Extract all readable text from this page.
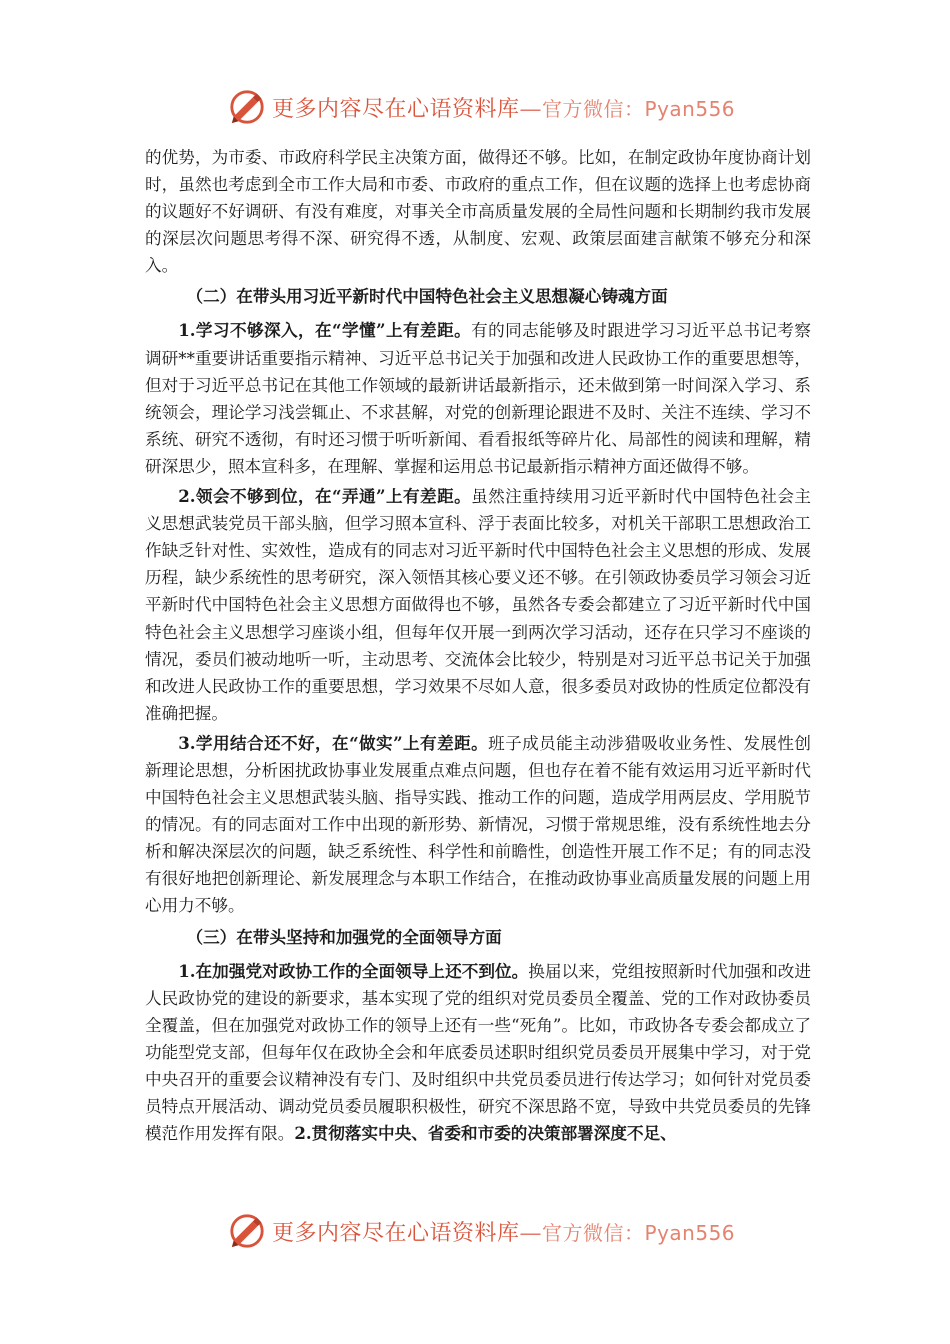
更多内容尽在心语资料库—官方微信：Pyan556

的优势，为市委、市政府科学民主决策方面，做得还不够。比如，在制定政协年度协商计划时，虽然也考虑到全市工作大局和市委、市政府的重点工作，但在议题的选择上也考虑协商的议题好不好调研、有没有难度，对事关全市高质量发展的全局性问题和长期制约我市发展的深层次问题思考得不深、研究得不透，从制度、宏观、政策层面建言献策不够充分和深入。

（二）在带头用习近平新时代中国特色社会主义思想凝心铸魂方面

1.学习不够深入，在“学懂”上有差距。有的同志能够及时跟进学习习近平总书记考察调研**重要讲话重要指示精神、习近平总书记关于加强和改进人民政协工作的重要思想等，但对于习近平总书记在其他工作领域的最新讲话最新指示，还未做到第一时间深入学习、系统领会，理论学习浅尝辄止、不求甚解，对党的创新理论跟进不及时、关注不连续、学习不系统、研究不透彻，有时还习惯于听听新闻、看看报纸等碎片化、局部性的阅读和理解，精研深思少，照本宣科多，在理解、掌握和运用总书记最新指示精神方面还做得不够。

2.领会不够到位，在“弄通”上有差距。虽然注重持续用习近平新时代中国特色社会主义思想武装党员干部头脑，但学习照本宣科、浮于表面比较多，对机关干部职工思想政治工作缺乏针对性、实效性，造成有的同志对习近平新时代中国特色社会主义思想的形成、发展历程，缺少系统性的思考研究，深入领悟其核心要义还不够。在引领政协委员学习领会习近平新时代中国特色社会主义思想方面做得也不够，虽然各专委会都建立了习近平新时代中国特色社会主义思想学习座谈小组，但每年仅开展一到两次学习活动，还存在只学习不座谈的情况，委员们被动地听一听，主动思考、交流体会比较少，特别是对习近平总书记关于加强和改进人民政协工作的重要思想，学习效果不尽如人意，很多委员对政协的性质定位都没有准确把握。

3.学用结合还不好，在“做实”上有差距。班子成员能主动涉猎吸收业务性、发展性创新理论思想，分析困扰政协事业发展重点难点问题，但也存在着不能有效运用习近平新时代中国特色社会主义思想武装头脑、指导实践、推动工作的问题，造成学用两层皮、学用脱节的情况。有的同志面对工作中出现的新形势、新情况，习惯于常规思维，没有系统性地去分析和解决深层次的问题，缺乏系统性、科学性和前瞻性，创造性开展工作不足；有的同志没有很好地把创新理论、新发展理念与本职工作结合，在推动政协事业高质量发展的问题上用心用力不够。

（三）在带头坚持和加强党的全面领导方面

1.在加强党对政协工作的全面领导上还不到位。换届以来，党组按照新时代加强和改进人民政协党的建设的新要求，基本实现了党的组织对党员委员全覆盖、党的工作对政协委员全覆盖，但在加强党对政协工作的领导上还有一些“死角”。比如，市政协各专委会都成立了功能型党支部，但每年仅在政协全会和年底委员述职时组织党员委员开展集中学习，对于党中央召开的重要会议精神没有专门、及时组织中共党员委员进行传达学习；如何针对党员委员特点开展活动、调动党员委员履职积极性，研究不深思路不宽，导致中共党员委员的先锋模范作用发挥有限。2.贯彻落实中央、省委和市委的决策部署深度不足、

更多内容尽在心语资料库—官方微信：Pyan556
